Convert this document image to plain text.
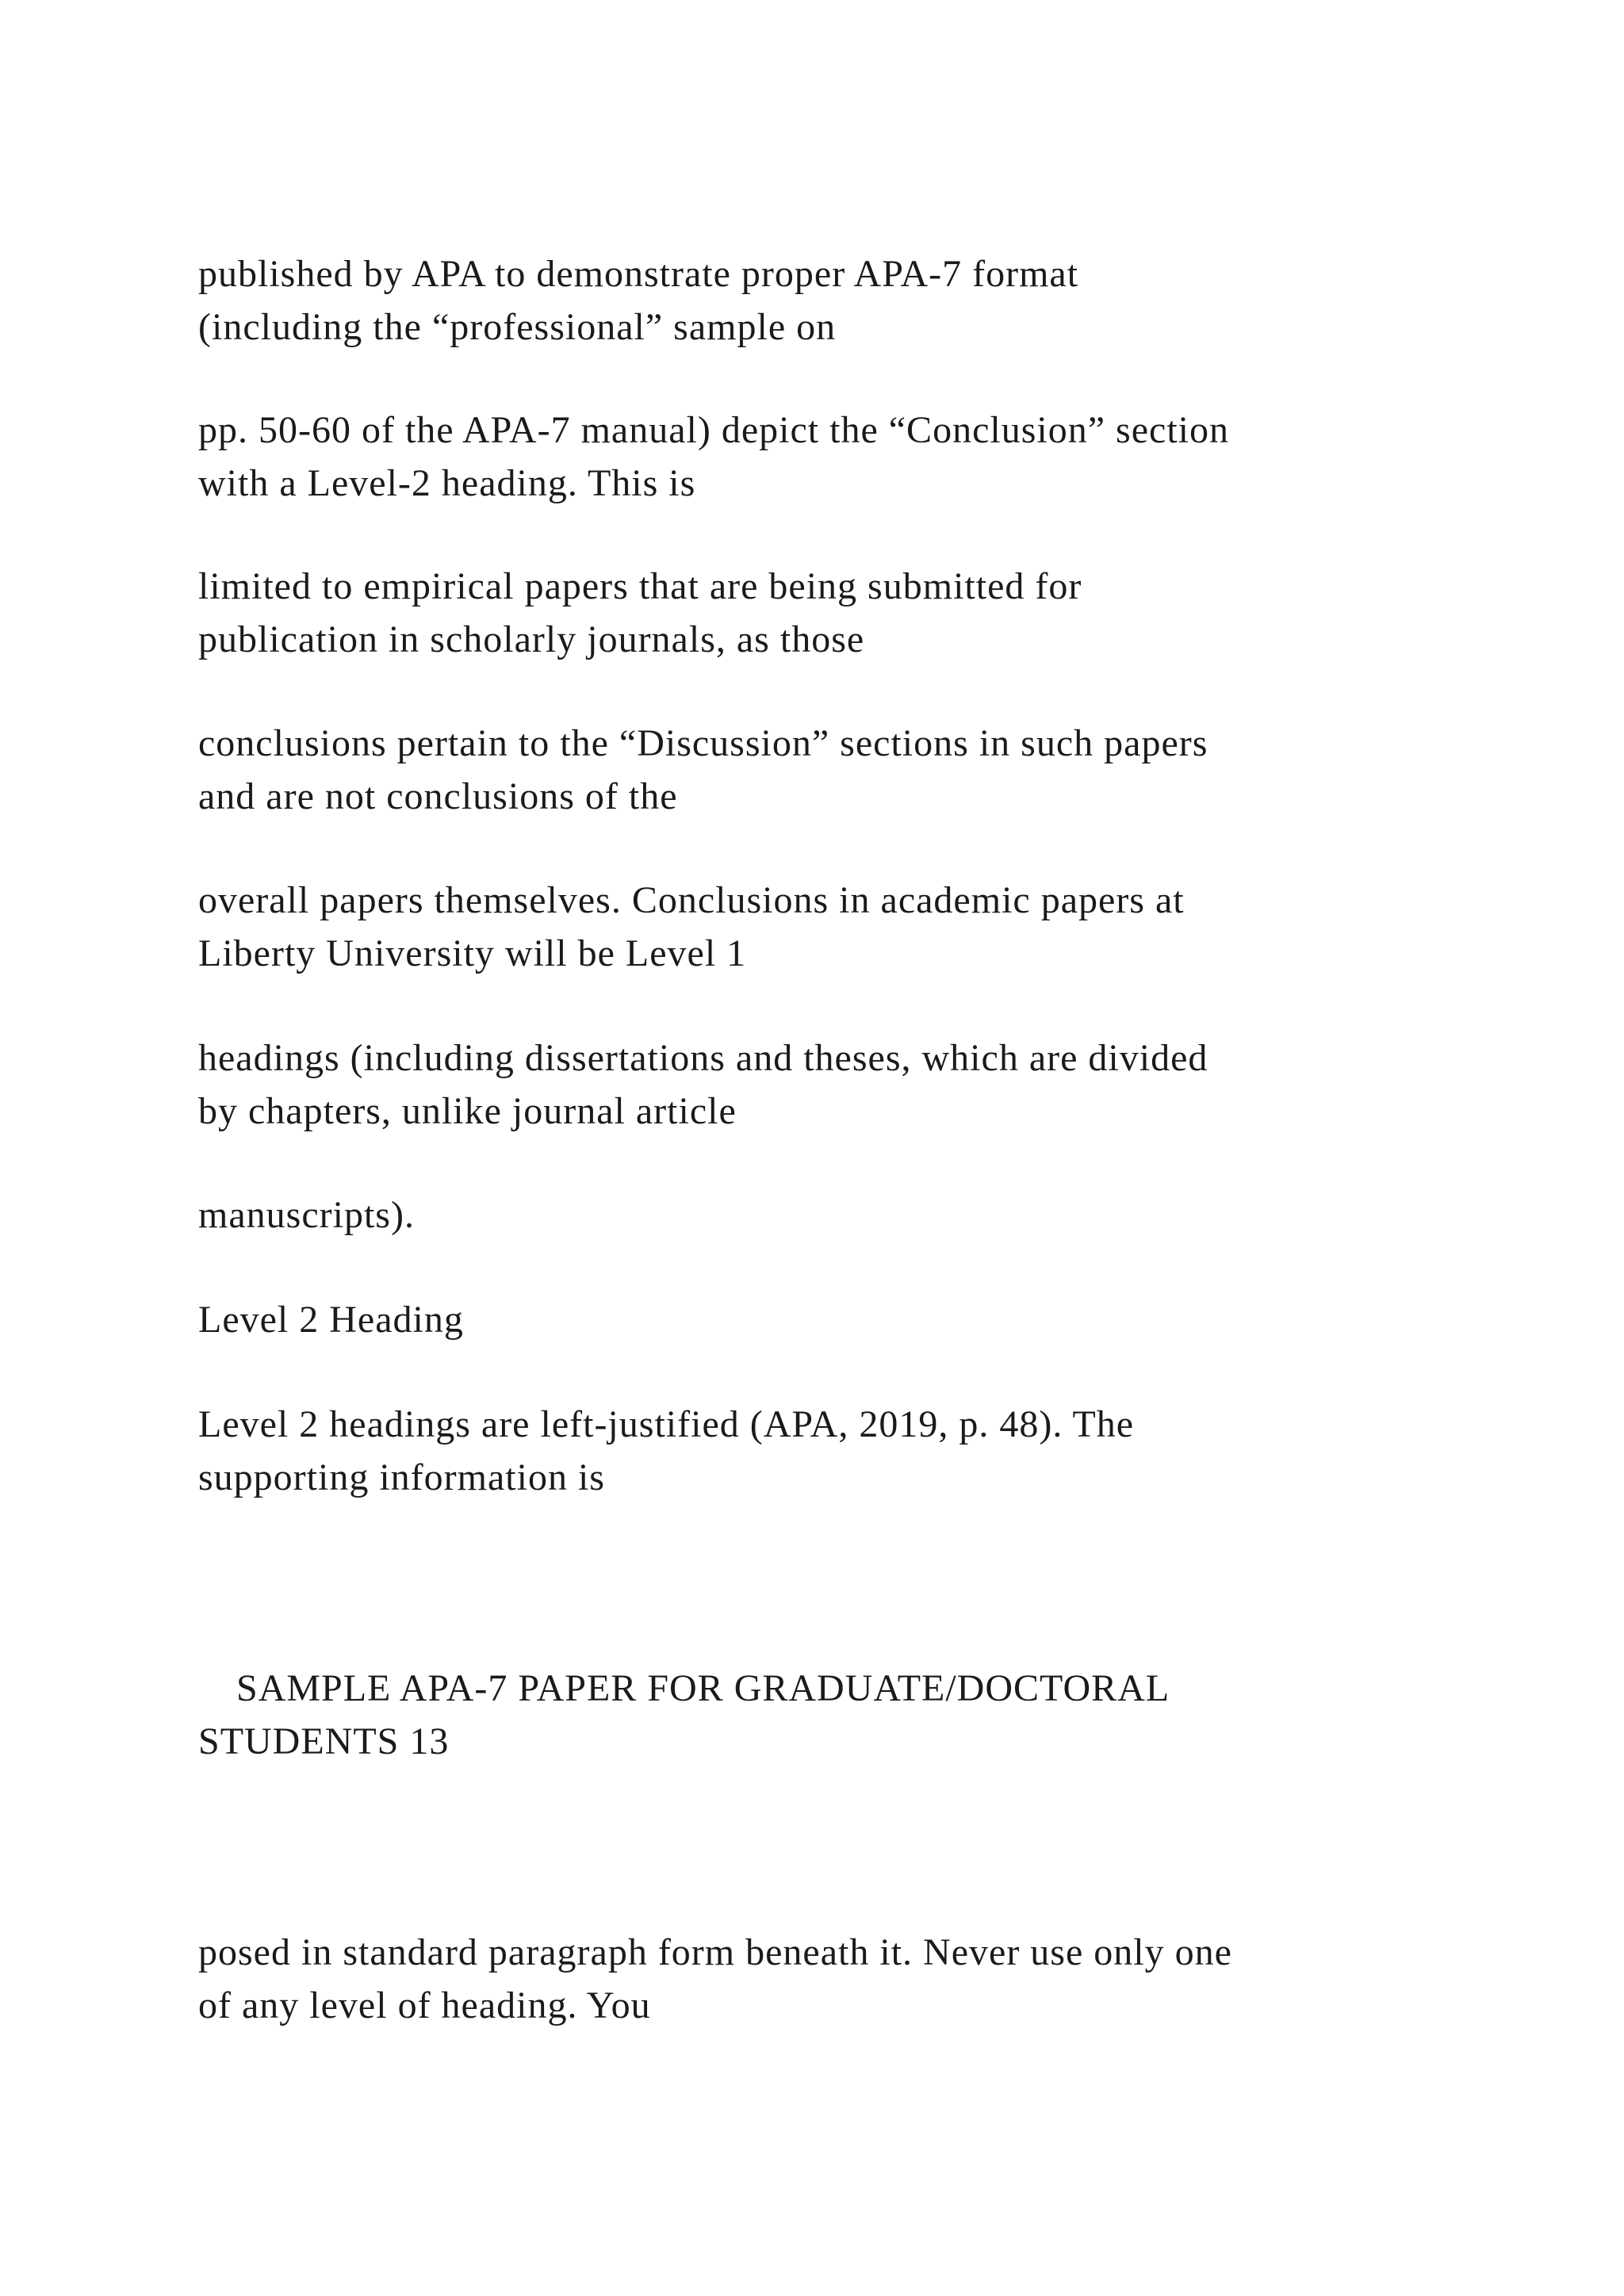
published by APA to demonstrate proper APA-7 format

(including the “professional” sample on

pp. 50-60 of the APA-7 manual) depict the “Conclusion” section

with a Level-2 heading. This is

limited to empirical papers that are being submitted for

publication in scholarly journals, as those

conclusions pertain to the “Discussion” sections in such papers

and are not conclusions of the

overall papers themselves. Conclusions in academic papers at

Liberty University will be Level 1

headings (including dissertations and theses, which are divided

by chapters, unlike journal article

manuscripts).

Level 2 Heading

Level 2 headings are left-justified (APA, 2019, p. 48). The

supporting information is

SAMPLE APA-7 PAPER FOR GRADUATE/DOCTORAL

STUDENTS 13

posed in standard paragraph form beneath it. Never use only one

of any level of heading. You
